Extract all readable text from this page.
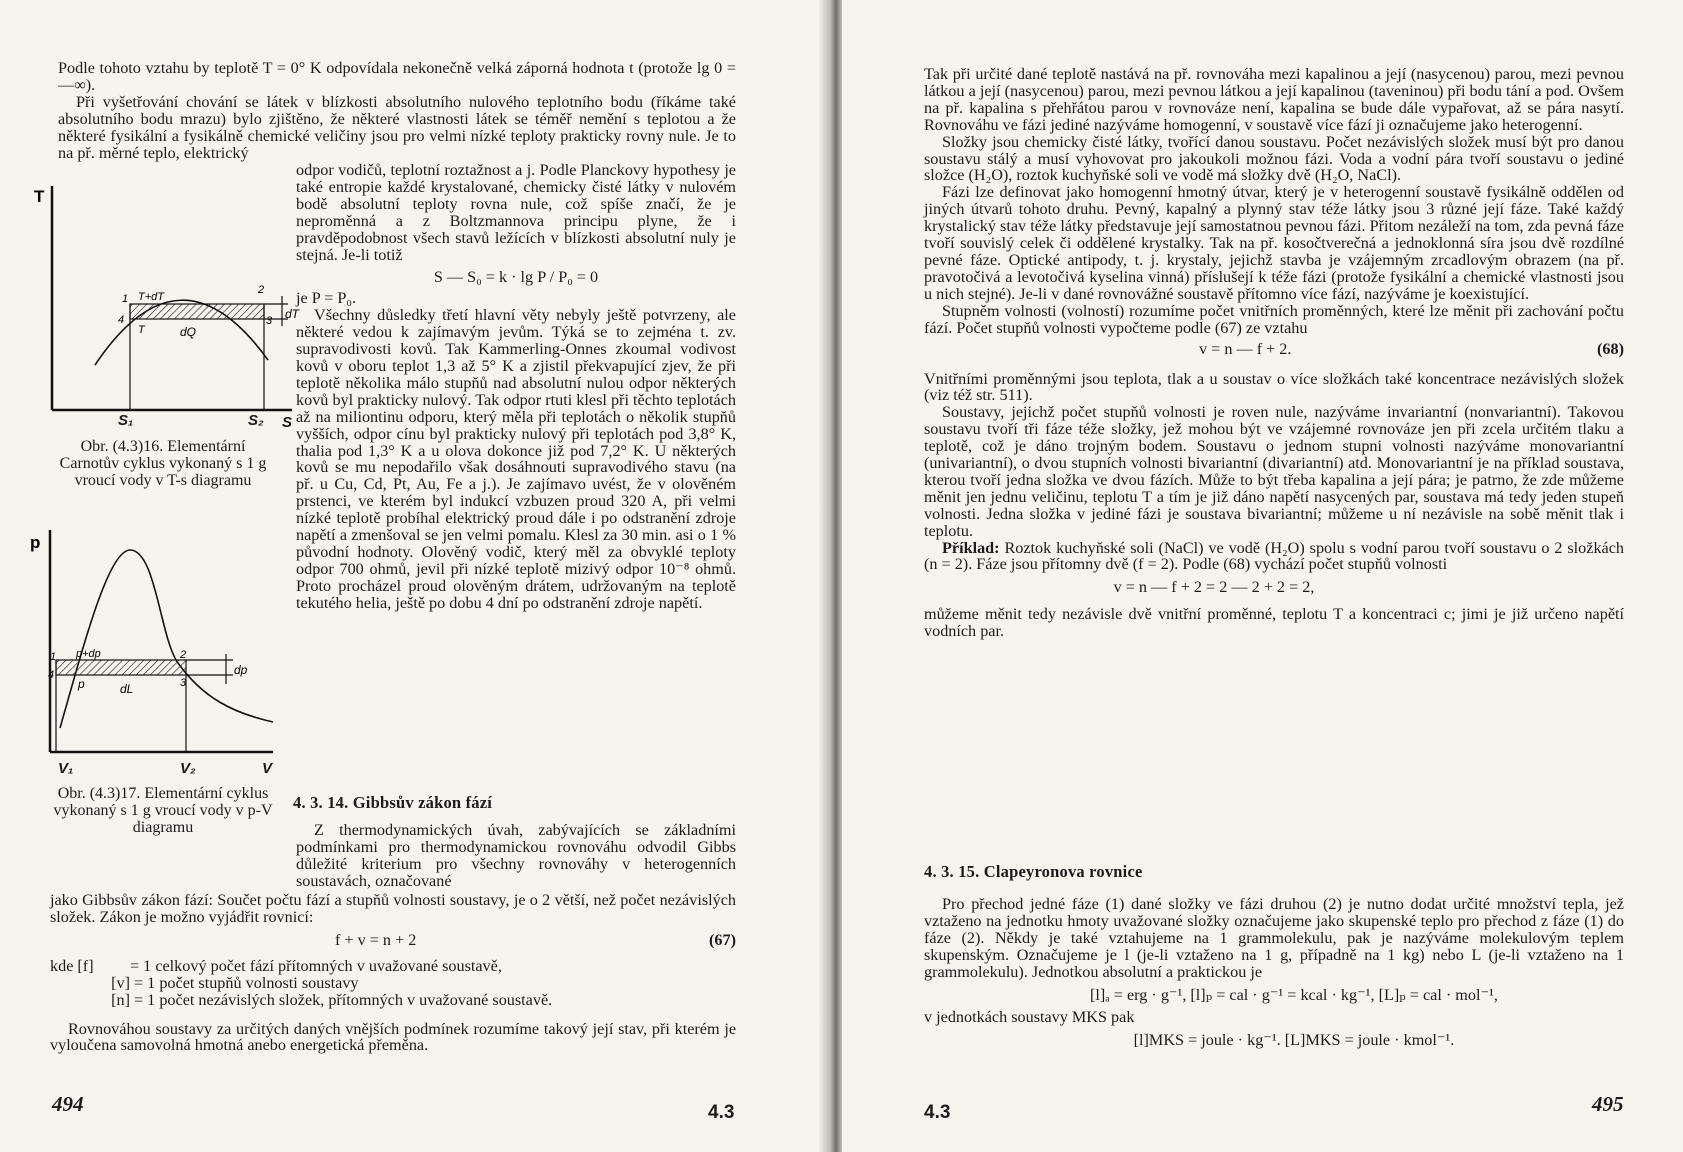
Podle tohoto vztahu by teplotě T = 0° K odpovídala nekonečně velká záporná hodnota t (protože lg 0 = —∞).

Při vyšetřování chování se látek v blízkosti absolutního nulového teplotního bodu (říkáme také absolutního bodu mrazu) bylo zjištěno, že některé vlastnosti látek se téměř nemění s teplotou a že některé fysikální a fysikálně chemické veličiny jsou pro velmi nízké teploty prakticky rovny nule. Je to na př. měrné teplo, elektrický

T
2
1
4	3
T+dT
T	dQ
dT
S₁	S₂ S
Obr. (4.3)16. Elementární Carnotův cyklus vykonaný s 1 g vroucí vody v T-s diagramu
p
1
4
2
3
p+dp
p	dL
dp
V₁	V₂	V
Obr. (4.3)17. Elementární cyklus vykonaný s 1 g vroucí vody v p-V diagramu

odpor vodičů, teplotní roztažnost a j. Podle Planckovy hypothesy je také entropie každé krystalované, chemicky čisté látky v nulovém bodě absolutní teploty rovna nule, což spíše značí, že je neproměnná a z Boltzmannova principu plyne, že i pravděpodobnost všech stavů ležících v blízkosti absolutní nuly je stejná. Je-li totiž

S — S₀ = k · lg P / P₀ = 0

je P = P₀.

Všechny důsledky třetí hlavní věty nebyly ještě potvrzeny, ale některé vedou k zajímavým jevům. Týká se to zejména t. zv. supravodivosti kovů. Tak Kammerling-Onnes zkoumal vodivost kovů v oboru teplot 1,3 až 5° K a zjistil překvapující zjev, že při teplotě několika málo stupňů nad absolutní nulou odpor některých kovů byl prakticky nulový. Tak odpor rtuti klesl při těchto teplotách až na miliontinu odporu, který měla při teplotách o několik stupňů vyšších, odpor cínu byl prakticky nulový při teplotách pod 3,8° K, thalia pod 1,3° K a u olova dokonce již pod 7,2° K. U některých kovů se mu nepodařilo však dosáhnouti supravodivého stavu (na př. u Cu, Cd, Pt, Au, Fe a j.). Je zajímavo uvést, že v olověném prstenci, ve kterém byl indukcí vzbuzen proud 320 A, při velmi nízké teplotě probíhal elektrický proud dále i po odstranění zdroje napětí a zmenšoval se jen velmi pomalu. Klesl za 30 min. asi o 1 % původní hodnoty. Olověný vodič, který měl za obvyklé teploty odpor 700 ohmů, jevil při nízké teplotě mizivý odpor 10⁻⁸ ohmů. Proto procházel proud olověným drátem, udržovaným na teplotě tekutého helia, ještě po dobu 4 dní po odstranění zdroje napětí.

4. 3. 14. Gibbsův zákon fází

Z thermodynamických úvah, zabývajících se základními podmínkami pro thermodynamickou rovnováhu odvodil Gibbs důležité kriterium pro všechny rovnováhy v heterogenních soustavách, označované

jako Gibbsův zákon fází: Součet počtu fází a stupňů volnosti soustavy, je o 2 větší, než počet nezávislých složek. Zákon je možno vyjádřit rovnicí:

f + v = n + 2	(67)
kde [f]	= 1 celkový počet fází přítomných v uvažované soustavě,
[v] = 1 počet stupňů volnosti soustavy
[n] = 1 počet nezávislých složek, přítomných v uvažované soustavě.

Rovnováhou soustavy za určitých daných vnějších podmínek rozumíme takový její stav, při kterém je vyloučena samovolná hmotná anebo energetická přeměna.

494	4.3

Tak při určité dané teplotě nastává na př. rovnováha mezi kapalinou a její (nasycenou) parou, mezi pevnou látkou a její (nasycenou) parou, mezi pevnou látkou a její kapalinou (taveninou) při bodu tání a pod. Ovšem na př. kapalina s přehřátou parou v rovnováze není, kapalina se bude dále vypařovat, až se pára nasytí. Rovnováhu ve fázi jediné nazýváme homogenní, v soustavě více fází ji označujeme jako heterogenní.

Složky jsou chemicky čisté látky, tvořící danou soustavu. Počet nezávislých složek musí být pro danou soustavu stálý a musí vyhovovat pro jakoukoli možnou fázi. Voda a vodní pára tvoří soustavu o jediné složce (H₂O), roztok kuchyňské soli ve vodě má složky dvě (H₂O, NaCl).

Fázi lze definovat jako homogenní hmotný útvar, který je v heterogenní soustavě fysikálně oddělen od jiných útvarů tohoto druhu. Pevný, kapalný a plynný stav téže látky jsou 3 různé její fáze. Také každý krystalický stav téže látky představuje její samostatnou pevnou fázi. Přitom nezáleží na tom, zda pevná fáze tvoří souvislý celek či oddělené krystalky. Tak na př. kosočtverečná a jednoklonná síra jsou dvě rozdílné pevné fáze. Optické antipody, t. j. krystaly, jejichž stavba je vzájemným zrcadlovým obrazem (na př. pravotočivá a levotočivá kyselina vinná) příslušejí k téže fázi (protože fysikální a chemické vlastnosti jsou u nich stejné). Je-li v dané rovnovážné soustavě přítomno více fází, nazýváme je koexistující.

Stupněm volnosti (volností) rozumíme počet vnitřních proměnných, které lze měnit při zachování počtu fází. Počet stupňů volnosti vypočteme podle (67) ze vztahu

v = n — f + 2.	(68)

Vnitřními proměnnými jsou teplota, tlak a u soustav o více složkách také koncentrace nezávislých složek (viz též str. 511).

Soustavy, jejichž počet stupňů volnosti je roven nule, nazýváme invariantní (nonvariantní). Takovou soustavu tvoří tři fáze téže složky, jež mohou být ve vzájemné rovnováze jen při zcela určitém tlaku a teplotě, což je dáno trojným bodem. Soustavu o jednom stupni volnosti nazýváme monovariantní (univariantní), o dvou stupních volnosti bivariantní (divariantní) atd. Monovariantní je na příklad soustava, kterou tvoří jedna složka ve dvou fázích. Může to být třeba kapalina a její pára; je patrno, že zde můžeme měnit jen jednu veličinu, teplotu T a tím je již dáno napětí nasycených par, soustava má tedy jeden stupeň volnosti. Jedna složka v jediné fázi je soustava bivariantní; můžeme u ní nezávisle na sobě měnit tlak i teplotu.

Příklad: Roztok kuchyňské soli (NaCl) ve vodě (H₂O) spolu s vodní parou tvoří soustavu o 2 složkách (n = 2). Fáze jsou přítomny dvě (f = 2). Podle (68) vychází počet stupňů volnosti

v = n — f + 2 = 2 — 2 + 2 = 2,

můžeme měnit tedy nezávisle dvě vnitřní proměnné, teplotu T a koncentraci c; jimi je již určeno napětí vodních par.

4. 3. 15. Clapeyronova rovnice

Pro přechod jedné fáze (1) dané složky ve fázi druhou (2) je nutno dodat určité množství tepla, jež vztaženo na jednotku hmoty uvažované složky označujeme jako skupenské teplo pro přechod z fáze (1) do fáze (2). Někdy je také vztahujeme na 1 grammolekulu, pak je nazýváme molekulovým teplem skupenským. Označujeme je l (je-li vztaženo na 1 g, případně na 1 kg) nebo L (je-li vztaženo na 1 grammolekulu). Jednotkou absolutní a praktickou je

[l]ₐ = erg · g⁻¹, [l]ₚ = cal · g⁻¹ = kcal · kg⁻¹, [L]ₚ = cal · mol⁻¹,

v jednotkách soustavy MKS pak

[l]MKS = joule · kg⁻¹. [L]MKS = joule · kmol⁻¹.

4.3	495
